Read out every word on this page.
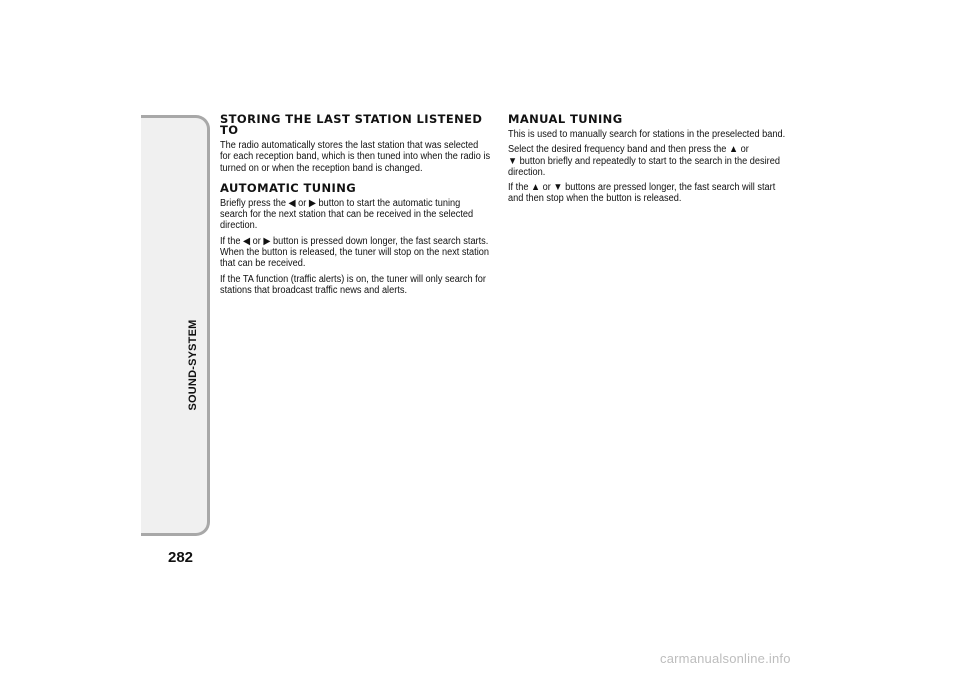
SOUND-SYSTEM
282
STORING THE LAST STATION LISTENED TO

The radio automatically stores the last station that was selected for each reception band, which is then tuned into when the radio is turned on or when the reception band is changed.

AUTOMATIC TUNING

Briefly press the ◀ or ▶ button to start the automatic tuning search for the next station that can be received in the selected direction.

If the ◀ or ▶ button is pressed down longer, the fast search starts. When the button is released, the tuner will stop on the next station that can be received.

If the TA function (traffic alerts) is on, the tuner will only search for stations that broadcast traffic news and alerts.

MANUAL TUNING

This is used to manually search for stations in the preselected band.

Select the desired frequency band and then press the ▲ or
▼ button briefly and repeatedly to start to the search in the desired direction.

If the ▲ or ▼ buttons are pressed longer, the fast search will start and then stop when the button is released.

carmanualsonline.info
